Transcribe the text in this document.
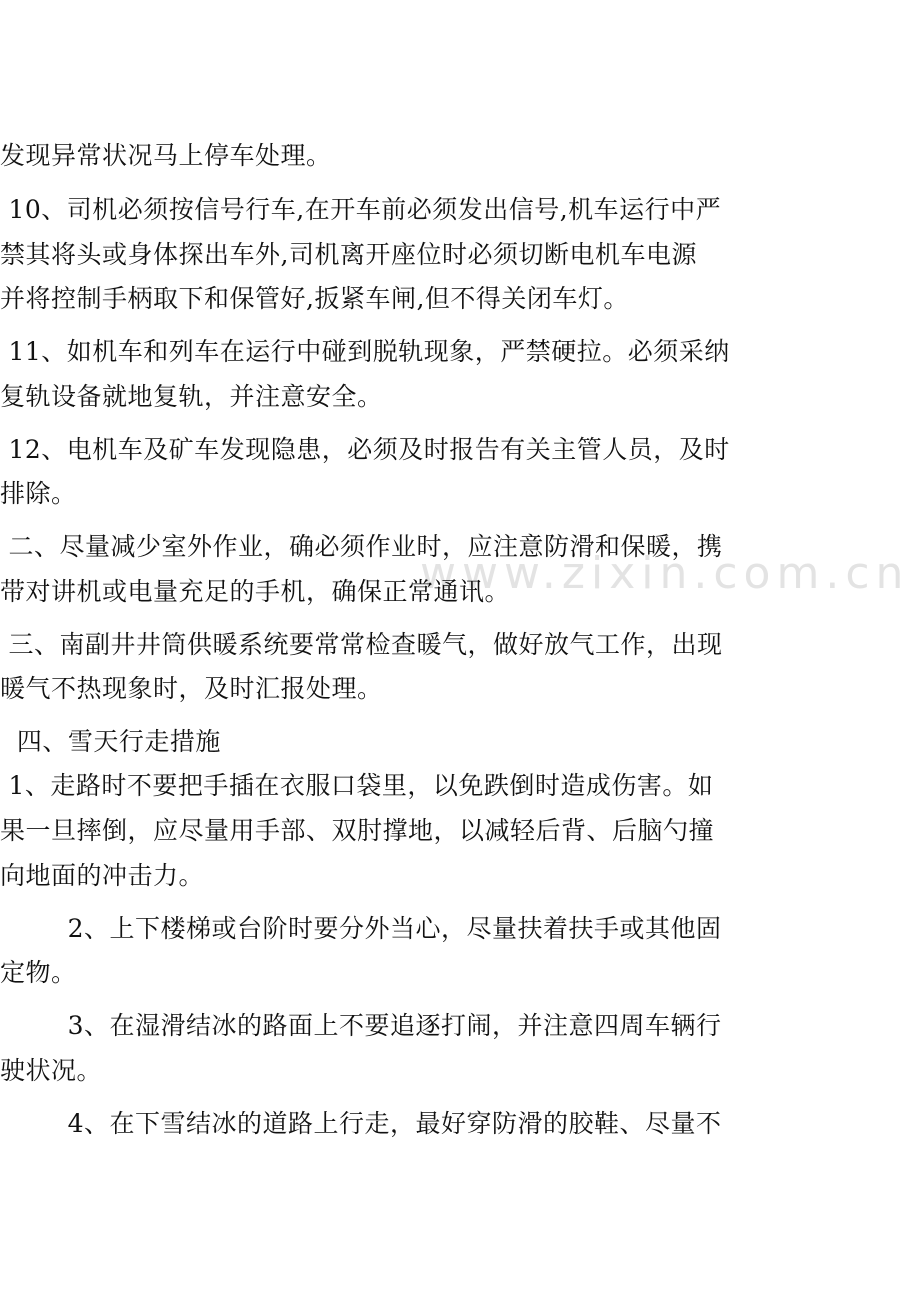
www.zixin.com.cn
发现异常状况马上停车处理。
10、司机必须按信号行车,在开车前必须发出信号,机车运行中严
禁其将头或身体探出车外,司机离开座位时必须切断电机车电源
并将控制手柄取下和保管好,扳紧车闸,但不得关闭车灯。
11、如机车和列车在运行中碰到脱轨现象，严禁硬拉。必须采纳
复轨设备就地复轨，并注意安全。
12、电机车及矿车发现隐患，必须及时报告有关主管人员，及时
排除。
二、尽量减少室外作业，确必须作业时，应注意防滑和保暖，携
带对讲机或电量充足的手机，确保正常通讯。
三、南副井井筒供暖系统要常常检查暖气，做好放气工作，出现
暖气不热现象时，及时汇报处理。
四、雪天行走措施
1、走路时不要把手插在衣服口袋里，以免跌倒时造成伤害。如
果一旦摔倒，应尽量用手部、双肘撑地，以减轻后背、后脑勺撞
向地面的冲击力。
2、上下楼梯或台阶时要分外当心，尽量扶着扶手或其他固
定物。
3、在湿滑结冰的路面上不要追逐打闹，并注意四周车辆行
驶状况。
4、在下雪结冰的道路上行走，最好穿防滑的胶鞋、尽量不
